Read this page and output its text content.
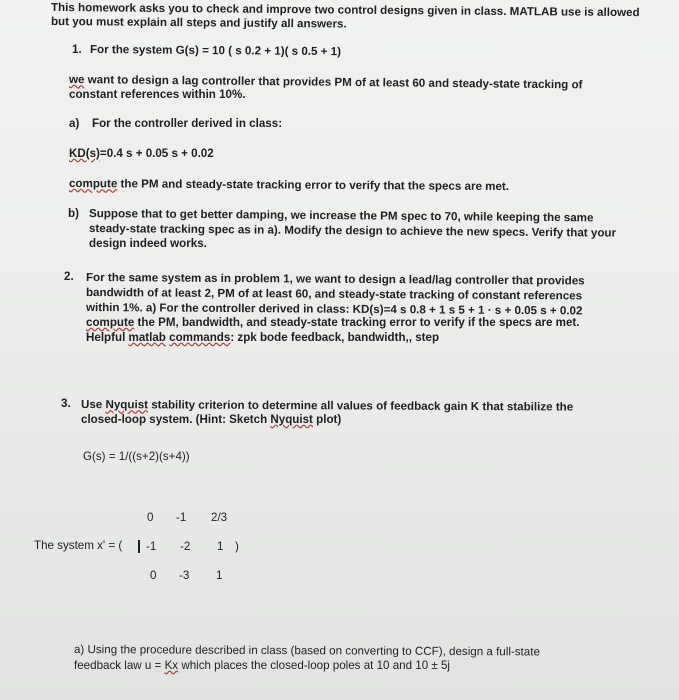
This homework asks you to check and improve two control designs given in class. MATLAB use is allowed
but you must explain all steps and justify all answers.
1. For the system G(s) = 10 ( s 0.2 + 1)( s 0.5 + 1)
we want to design a lag controller that provides PM of at least 60 and steady-state tracking of
constant references within 10%.
a) For the controller derived in class:
KD(s)=0.4 s + 0.05 s + 0.02
compute the PM and steady-state tracking error to verify that the specs are met.
b) Suppose that to get better damping, we increase the PM spec to 70, while keeping the same
steady-state tracking spec as in a). Modify the design to achieve the new specs. Verify that your
design indeed works.
2. For the same system as in problem 1, we want to design a lead/lag controller that provides
bandwidth of at least 2, PM of at least 60, and steady-state tracking of constant references
within 1%. a) For the controller derived in class: KD(s)=4 s 0.8 + 1 s 5 + 1 · s + 0.05 s + 0.02
compute the PM, bandwidth, and steady-state tracking error to verify if the specs are met.
Helpful matlab commands: zpk bode feedback, bandwidth,, step
3. Use Nyquist stability criterion to determine all values of feedback gain K that stabilize the
closed-loop system. (Hint: Sketch Nyquist plot)
G(s) = 1/((s+2)(s+4))
0 -1 2/3
The system x' = ( -1 -2 1 )
0 -3 1
a) Using the procedure described in class (based on converting to CCF), design a full-state
feedback law u = Kx which places the closed-loop poles at 10 and 10 ± 5j
